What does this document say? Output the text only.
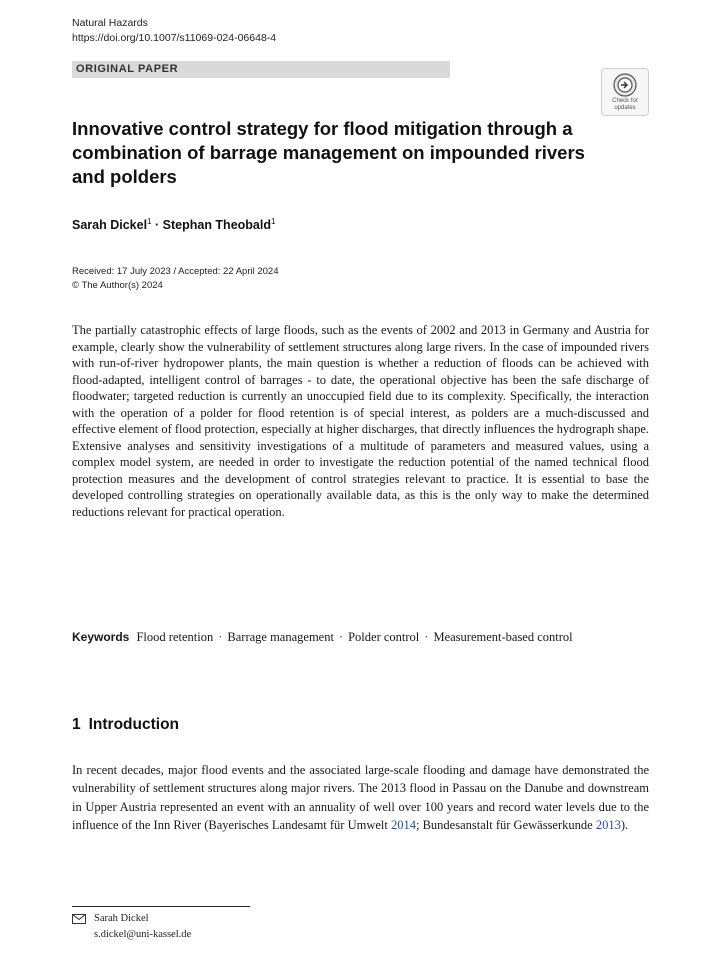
Natural Hazards
https://doi.org/10.1007/s11069-024-06648-4
ORIGINAL PAPER
Check for
updates
Innovative control strategy for flood mitigation through a combination of barrage management on impounded rivers and polders
Sarah Dickel$^1$ · Stephan Theobald$^1$
Received: 17 July 2023 / Accepted: 22 April 2024
© The Author(s) 2024

The partially catastrophic effects of large floods, such as the events of 2002 and 2013 in Germany and Austria for example, clearly show the vulnerability of settlement structures along large rivers. In the case of impounded rivers with run-of-river hydropower plants, the main question is whether a reduction of floods can be achieved with flood-adapted, intelligent control of barrages - to date, the operational objective has been the safe discharge of floodwater; targeted reduction is currently an unoccupied field due to its complexity. Specifically, the interaction with the operation of a polder for flood retention is of special interest, as polders are a much-discussed and effective element of flood protection, especially at higher discharges, that directly influences the hydrograph shape. Extensive analyses and sensitivity investigations of a multitude of parameters and measured values, using a complex model system, are needed in order to investigate the reduction potential of the named technical flood protection measures and the development of control strategies relevant to practice. It is essential to base the developed controlling strategies on operationally available data, as this is the only way to make the determined reductions relevant for practical operation.

Keywords Flood retention · Barrage management · Polder control · Measurement-based control
1 Introduction

In recent decades, major flood events and the associated large-scale flooding and damage have demonstrated the vulnerability of settlement structures along major rivers. The 2013 flood in Passau on the Danube and downstream in Upper Austria represented an event with an annuality of well over 100 years and record water levels due to the influence of the Inn River (Bayerisches Landesamt für Umwelt 2014; Bundesanstalt für Gewässerkunde 2013).

Sarah Dickel
s.dickel@uni-kassel.de
